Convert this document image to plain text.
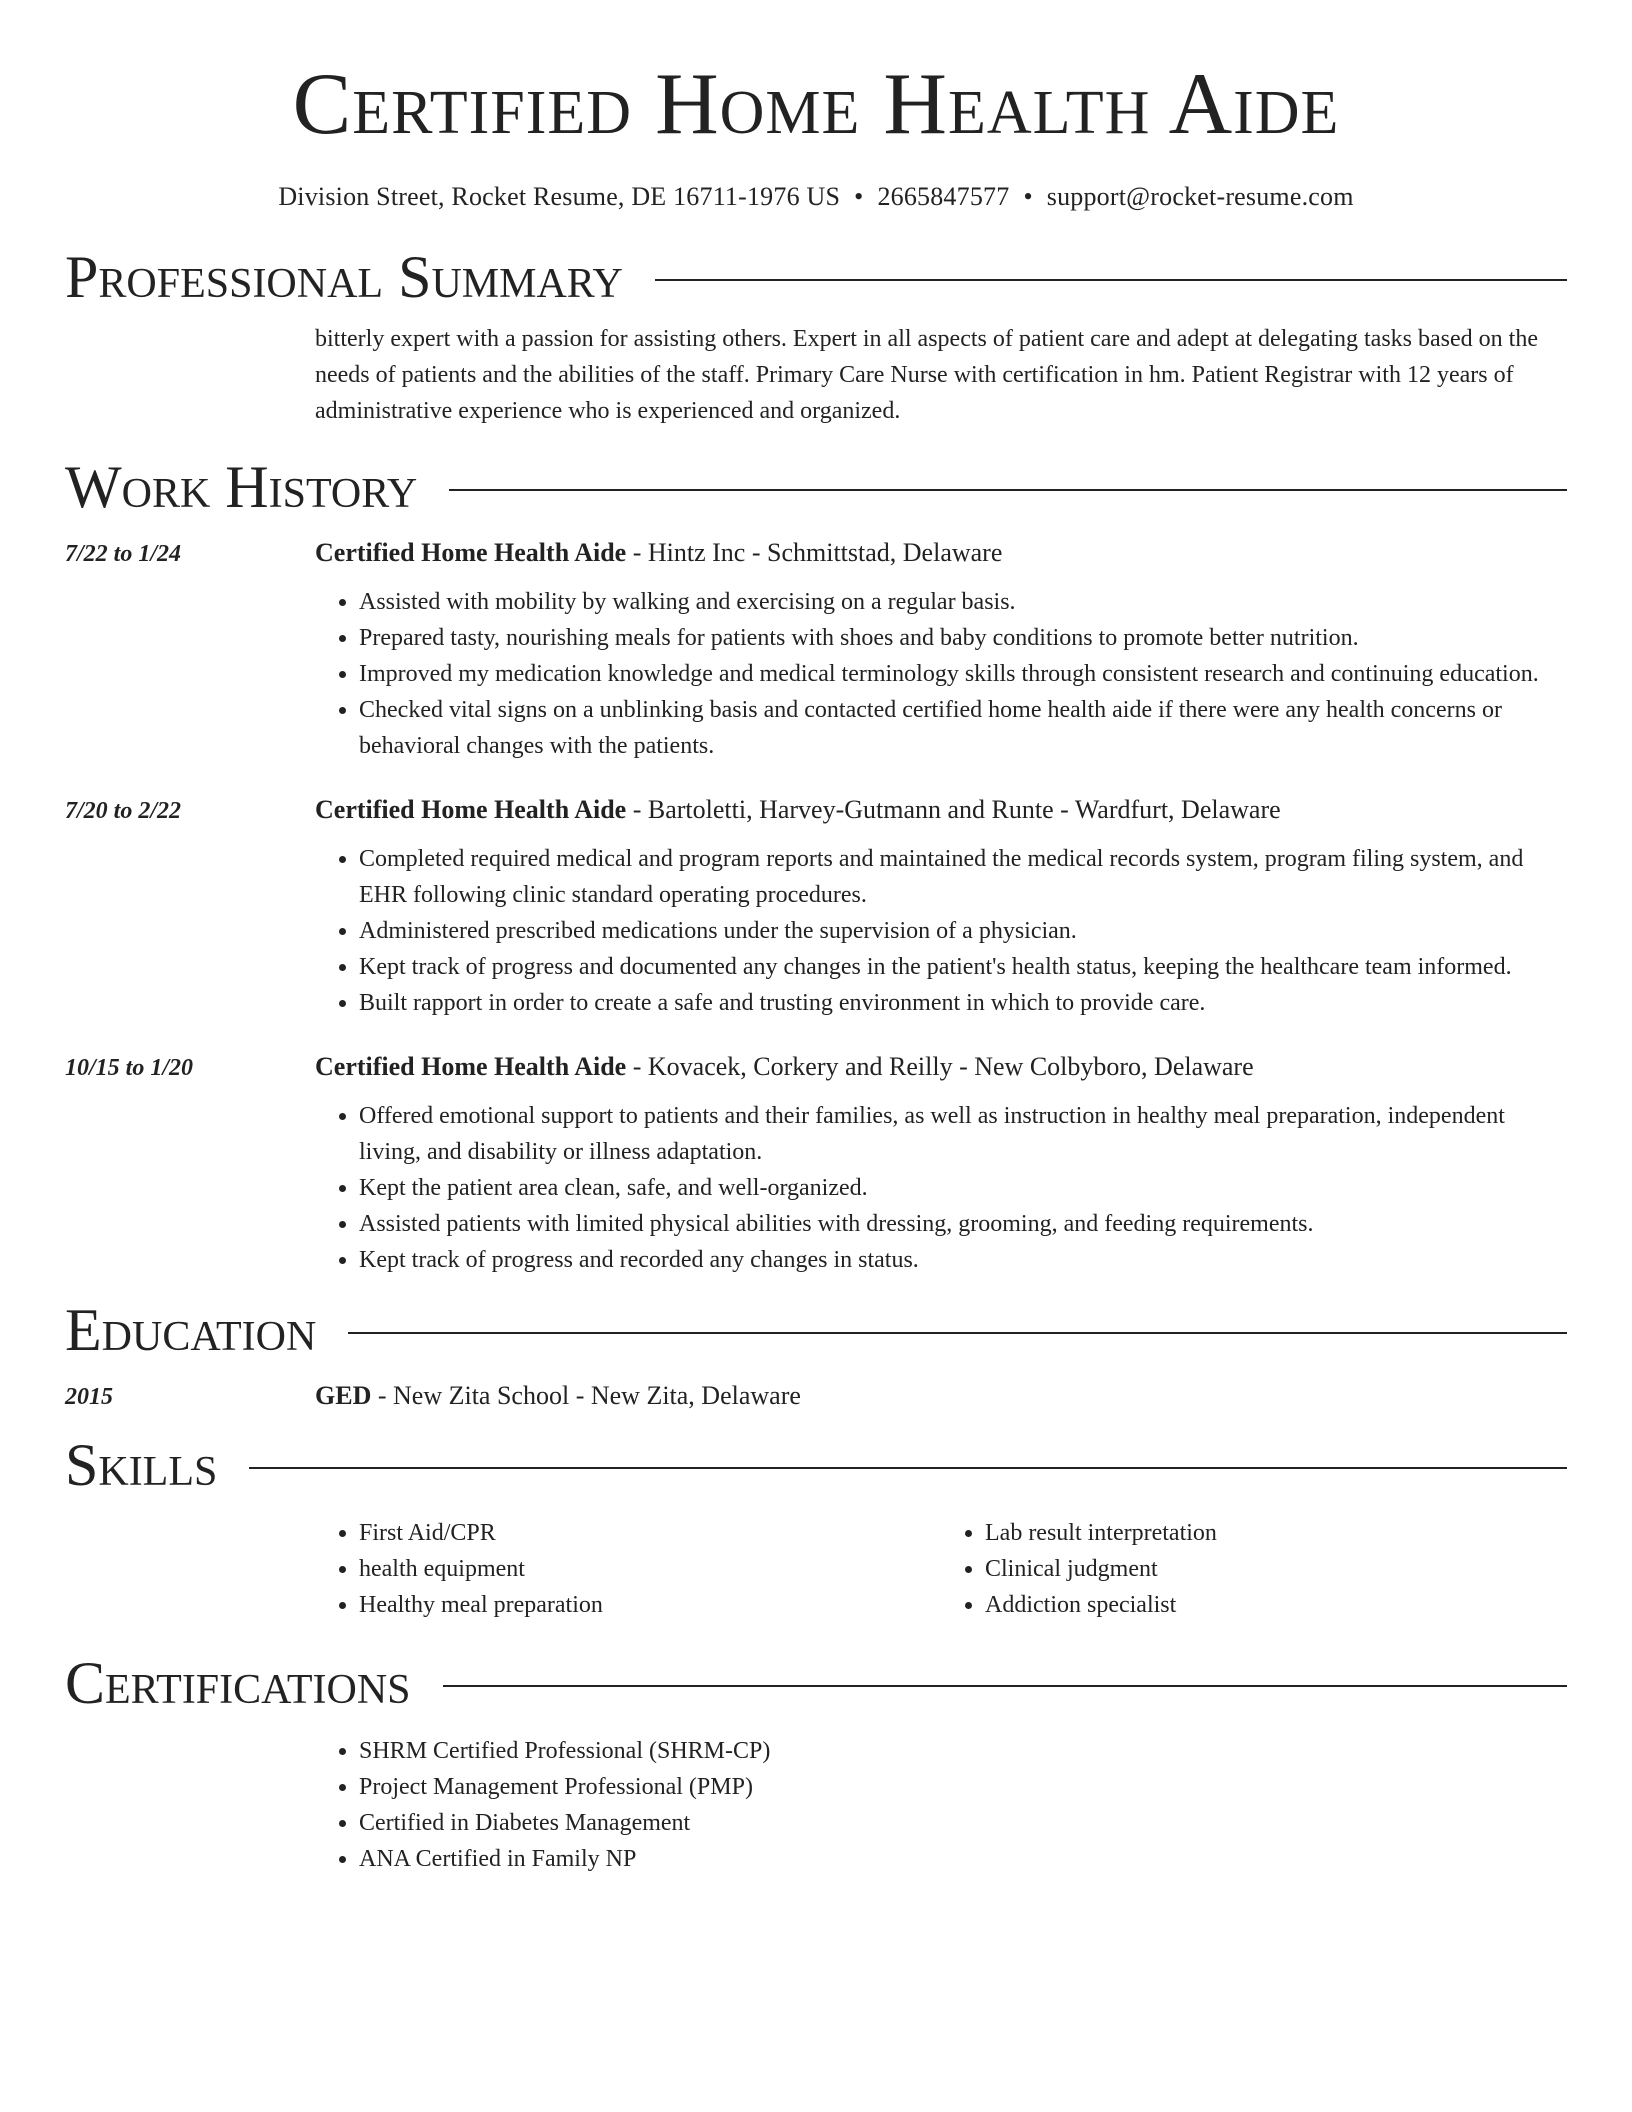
Certified Home Health Aide
Division Street, Rocket Resume, DE 16711-1976 US • 2665847577 • support@rocket-resume.com
Professional Summary

bitterly expert with a passion for assisting others. Expert in all aspects of patient care and adept at delegating tasks based on the needs of patients and the abilities of the staff. Primary Care Nurse with certification in hm. Patient Registrar with 12 years of administrative experience who is experienced and organized.

Work History
7/22 to 1/24	Certified Home Health Aide - Hintz Inc - Schmittstad, Delaware
• Assisted with mobility by walking and exercising on a regular basis.
• Prepared tasty, nourishing meals for patients with shoes and baby conditions to promote better nutrition.
• Improved my medication knowledge and medical terminology skills through consistent research and continuing education.
• Checked vital signs on a unblinking basis and contacted certified home health aide if there were any health concerns or behavioral changes with the patients.
7/20 to 2/22	Certified Home Health Aide - Bartoletti, Harvey-Gutmann and Runte - Wardfurt, Delaware
• Completed required medical and program reports and maintained the medical records system, program filing system, and EHR following clinic standard operating procedures.
• Administered prescribed medications under the supervision of a physician.
• Kept track of progress and documented any changes in the patient's health status, keeping the healthcare team informed.
• Built rapport in order to create a safe and trusting environment in which to provide care.
10/15 to 1/20	Certified Home Health Aide - Kovacek, Corkery and Reilly - New Colbyboro, Delaware
• Offered emotional support to patients and their families, as well as instruction in healthy meal preparation, independent living, and disability or illness adaptation.
• Kept the patient area clean, safe, and well-organized.
• Assisted patients with limited physical abilities with dressing, grooming, and feeding requirements.
• Kept track of progress and recorded any changes in status.
Education
2015	GED - New Zita School - New Zita, Delaware
Skills
• First Aid/CPR
• health equipment
• Healthy meal preparation
• Lab result interpretation
• Clinical judgment
• Addiction specialist
Certifications
• SHRM Certified Professional (SHRM-CP)
• Project Management Professional (PMP)
• Certified in Diabetes Management
• ANA Certified in Family NP
